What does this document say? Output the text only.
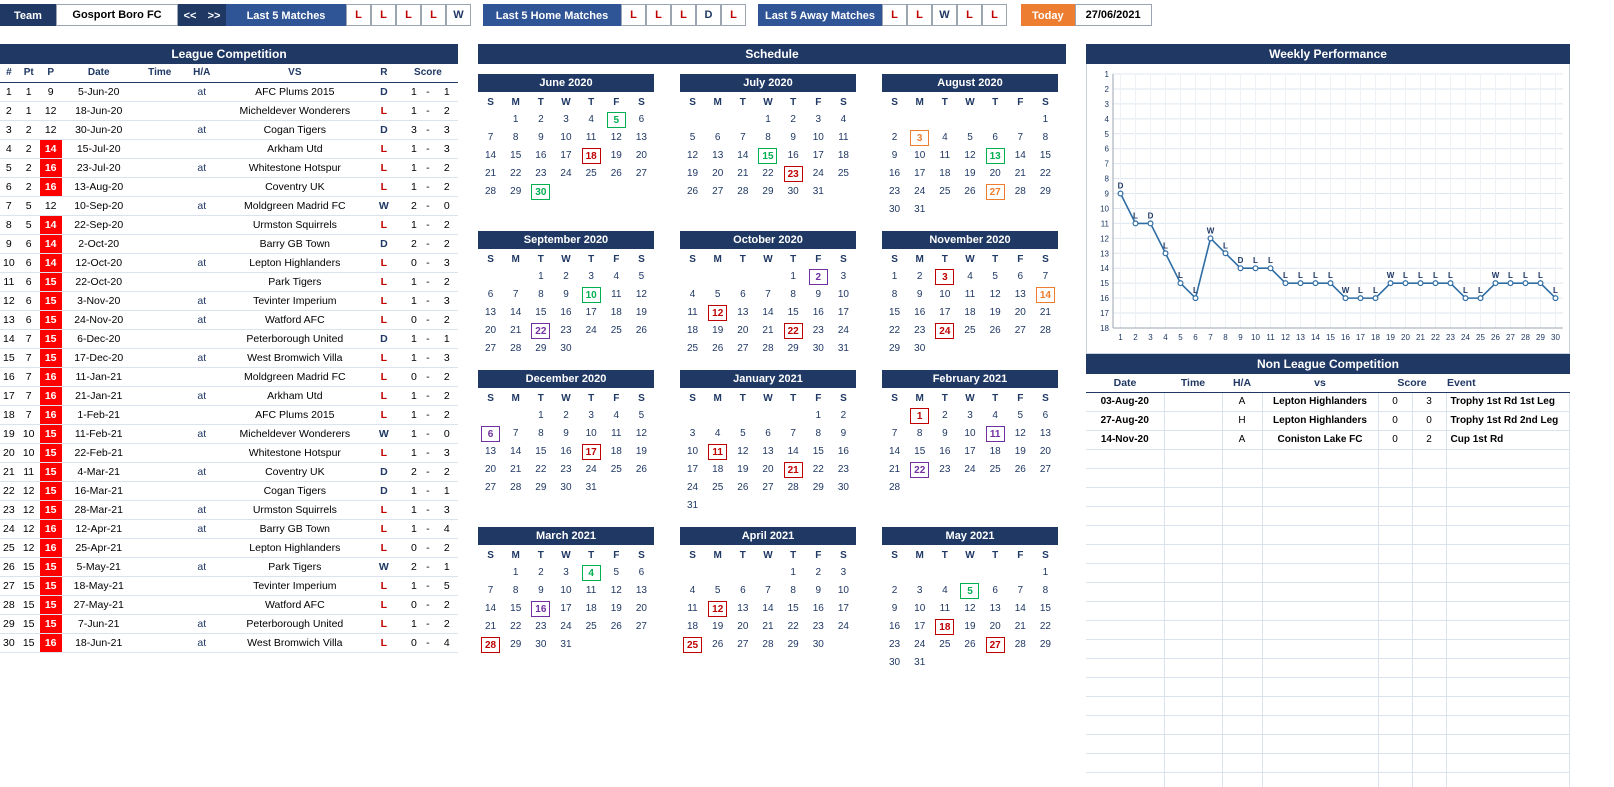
Team	Gosport Boro FC	<<	>>	Last 5 Matches	L	L	L	L	W	Last 5 Home Matches	L	L	L	D	L	Last 5 Away Matches	L	L	W	L	L	Today	27/06/2021
League Competition
#	Pt	P	Date	Time	H/A	VS	R	Score		
1	1	9	5-Jun-20		at	AFC Plums 2015	D	1	-	1
2	1	12	18-Jun-20			Micheldever Wonderers	L	1	-	2
3	2	12	30-Jun-20		at	Cogan Tigers	D	3	-	3
4	2	14	15-Jul-20			Arkham Utd	L	1	-	3
5	2	16	23-Jul-20		at	Whitestone Hotspur	L	1	-	2
6	2	16	13-Aug-20			Coventry UK	L	1	-	2
7	5	12	10-Sep-20		at	Moldgreen Madrid FC	W	2	-	0
8	5	14	22-Sep-20			Urmston Squirrels	L	1	-	2
9	6	14	2-Oct-20			Barry GB Town	D	2	-	2
10	6	14	12-Oct-20		at	Lepton Highlanders	L	0	-	3
11	6	15	22-Oct-20			Park Tigers	L	1	-	2
12	6	15	3-Nov-20		at	Tevinter Imperium	L	1	-	3
13	6	15	24-Nov-20		at	Watford AFC	L	0	-	2
14	7	15	6-Dec-20			Peterborough United	D	1	-	1
15	7	15	17-Dec-20		at	West Bromwich Villa	L	1	-	3
16	7	16	11-Jan-21			Moldgreen Madrid FC	L	0	-	2
17	7	16	21-Jan-21		at	Arkham Utd	L	1	-	2
18	7	16	1-Feb-21			AFC Plums 2015	L	1	-	2
19	10	15	11-Feb-21		at	Micheldever Wonderers	W	1	-	0
20	10	15	22-Feb-21			Whitestone Hotspur	L	1	-	3
21	11	15	4-Mar-21		at	Coventry UK	D	2	-	2
22	12	15	16-Mar-21			Cogan Tigers	D	1	-	1
23	12	15	28-Mar-21		at	Urmston Squirrels	L	1	-	3
24	12	16	12-Apr-21		at	Barry GB Town	L	1	-	4
25	12	16	25-Apr-21			Lepton Highlanders	L	0	-	2
26	15	15	5-May-21		at	Park Tigers	W	2	-	1
27	15	15	18-May-21			Tevinter Imperium	L	1	-	5
28	15	15	27-May-21			Watford AFC	L	0	-	2
29	15	15	7-Jun-21		at	Peterborough United	L	1	-	2
30	15	16	18-Jun-21		at	West Bromwich Villa	L	0	-	4
Schedule
June 2020
S	M	T	W	T	F	S
	1	2	3	4	5	6
7	8	9	10	11	12	13
14	15	16	17	18	19	20
21	22	23	24	25	26	27
28	29	30				
July 2020
S	M	T	W	T	F	S
			1	2	3	4
5	6	7	8	9	10	11
12	13	14	15	16	17	18
19	20	21	22	23	24	25
26	27	28	29	30	31	
August 2020
S	M	T	W	T	F	S
						1
2	3	4	5	6	7	8
9	10	11	12	13	14	15
16	17	18	19	20	21	22
23	24	25	26	27	28	29
30	31					
September 2020
S	M	T	W	T	F	S
		1	2	3	4	5
6	7	8	9	10	11	12
13	14	15	16	17	18	19
20	21	22	23	24	25	26
27	28	29	30			
October 2020
S	M	T	W	T	F	S
				1	2	3
4	5	6	7	8	9	10
11	12	13	14	15	16	17
18	19	20	21	22	23	24
25	26	27	28	29	30	31
November 2020
S	M	T	W	T	F	S
1	2	3	4	5	6	7
8	9	10	11	12	13	14
15	16	17	18	19	20	21
22	23	24	25	26	27	28
29	30					
December 2020
S	M	T	W	T	F	S
		1	2	3	4	5
6	7	8	9	10	11	12
13	14	15	16	17	18	19
20	21	22	23	24	25	26
27	28	29	30	31		
January 2021
S	M	T	W	T	F	S
					1	2
3	4	5	6	7	8	9
10	11	12	13	14	15	16
17	18	19	20	21	22	23
24	25	26	27	28	29	30
31						
February 2021
S	M	T	W	T	F	S
	1	2	3	4	5	6
7	8	9	10	11	12	13
14	15	16	17	18	19	20
21	22	23	24	25	26	27
28						
March 2021
S	M	T	W	T	F	S
	1	2	3	4	5	6
7	8	9	10	11	12	13
14	15	16	17	18	19	20
21	22	23	24	25	26	27
28	29	30	31			
April 2021
S	M	T	W	T	F	S
				1	2	3
4	5	6	7	8	9	10
11	12	13	14	15	16	17
18	19	20	21	22	23	24
25	26	27	28	29	30	
May 2021
S	M	T	W	T	F	S
						1
2	3	4	5	6	7	8
9	10	11	12	13	14	15
16	17	18	19	20	21	22
23	24	25	26	27	28	29
30	31					
Weekly Performance
1
2
3
4
5
6
7
8
9
10
11
12
13
14
15
16
17
18
1 2 3 4 5 6 7 8 9 10 11 12 13 14 15 16 17 18 19 20 21 22 23 24 25 26 27 28 29 30
D
L D
L
L
L
W
L
D L L
L L L L
W L L
W L L L L
L L
W L L L
L
Non League Competition
Date	Time	H/A	vs	Score		Event
03-Aug-20		A	Lepton Highlanders	0	3	Trophy 1st Rd 1st Leg
27-Aug-20		H	Lepton Highlanders	0	0	Trophy 1st Rd 2nd Leg
14-Nov-20		A	Coniston Lake FC	0	2	Cup 1st Rd
